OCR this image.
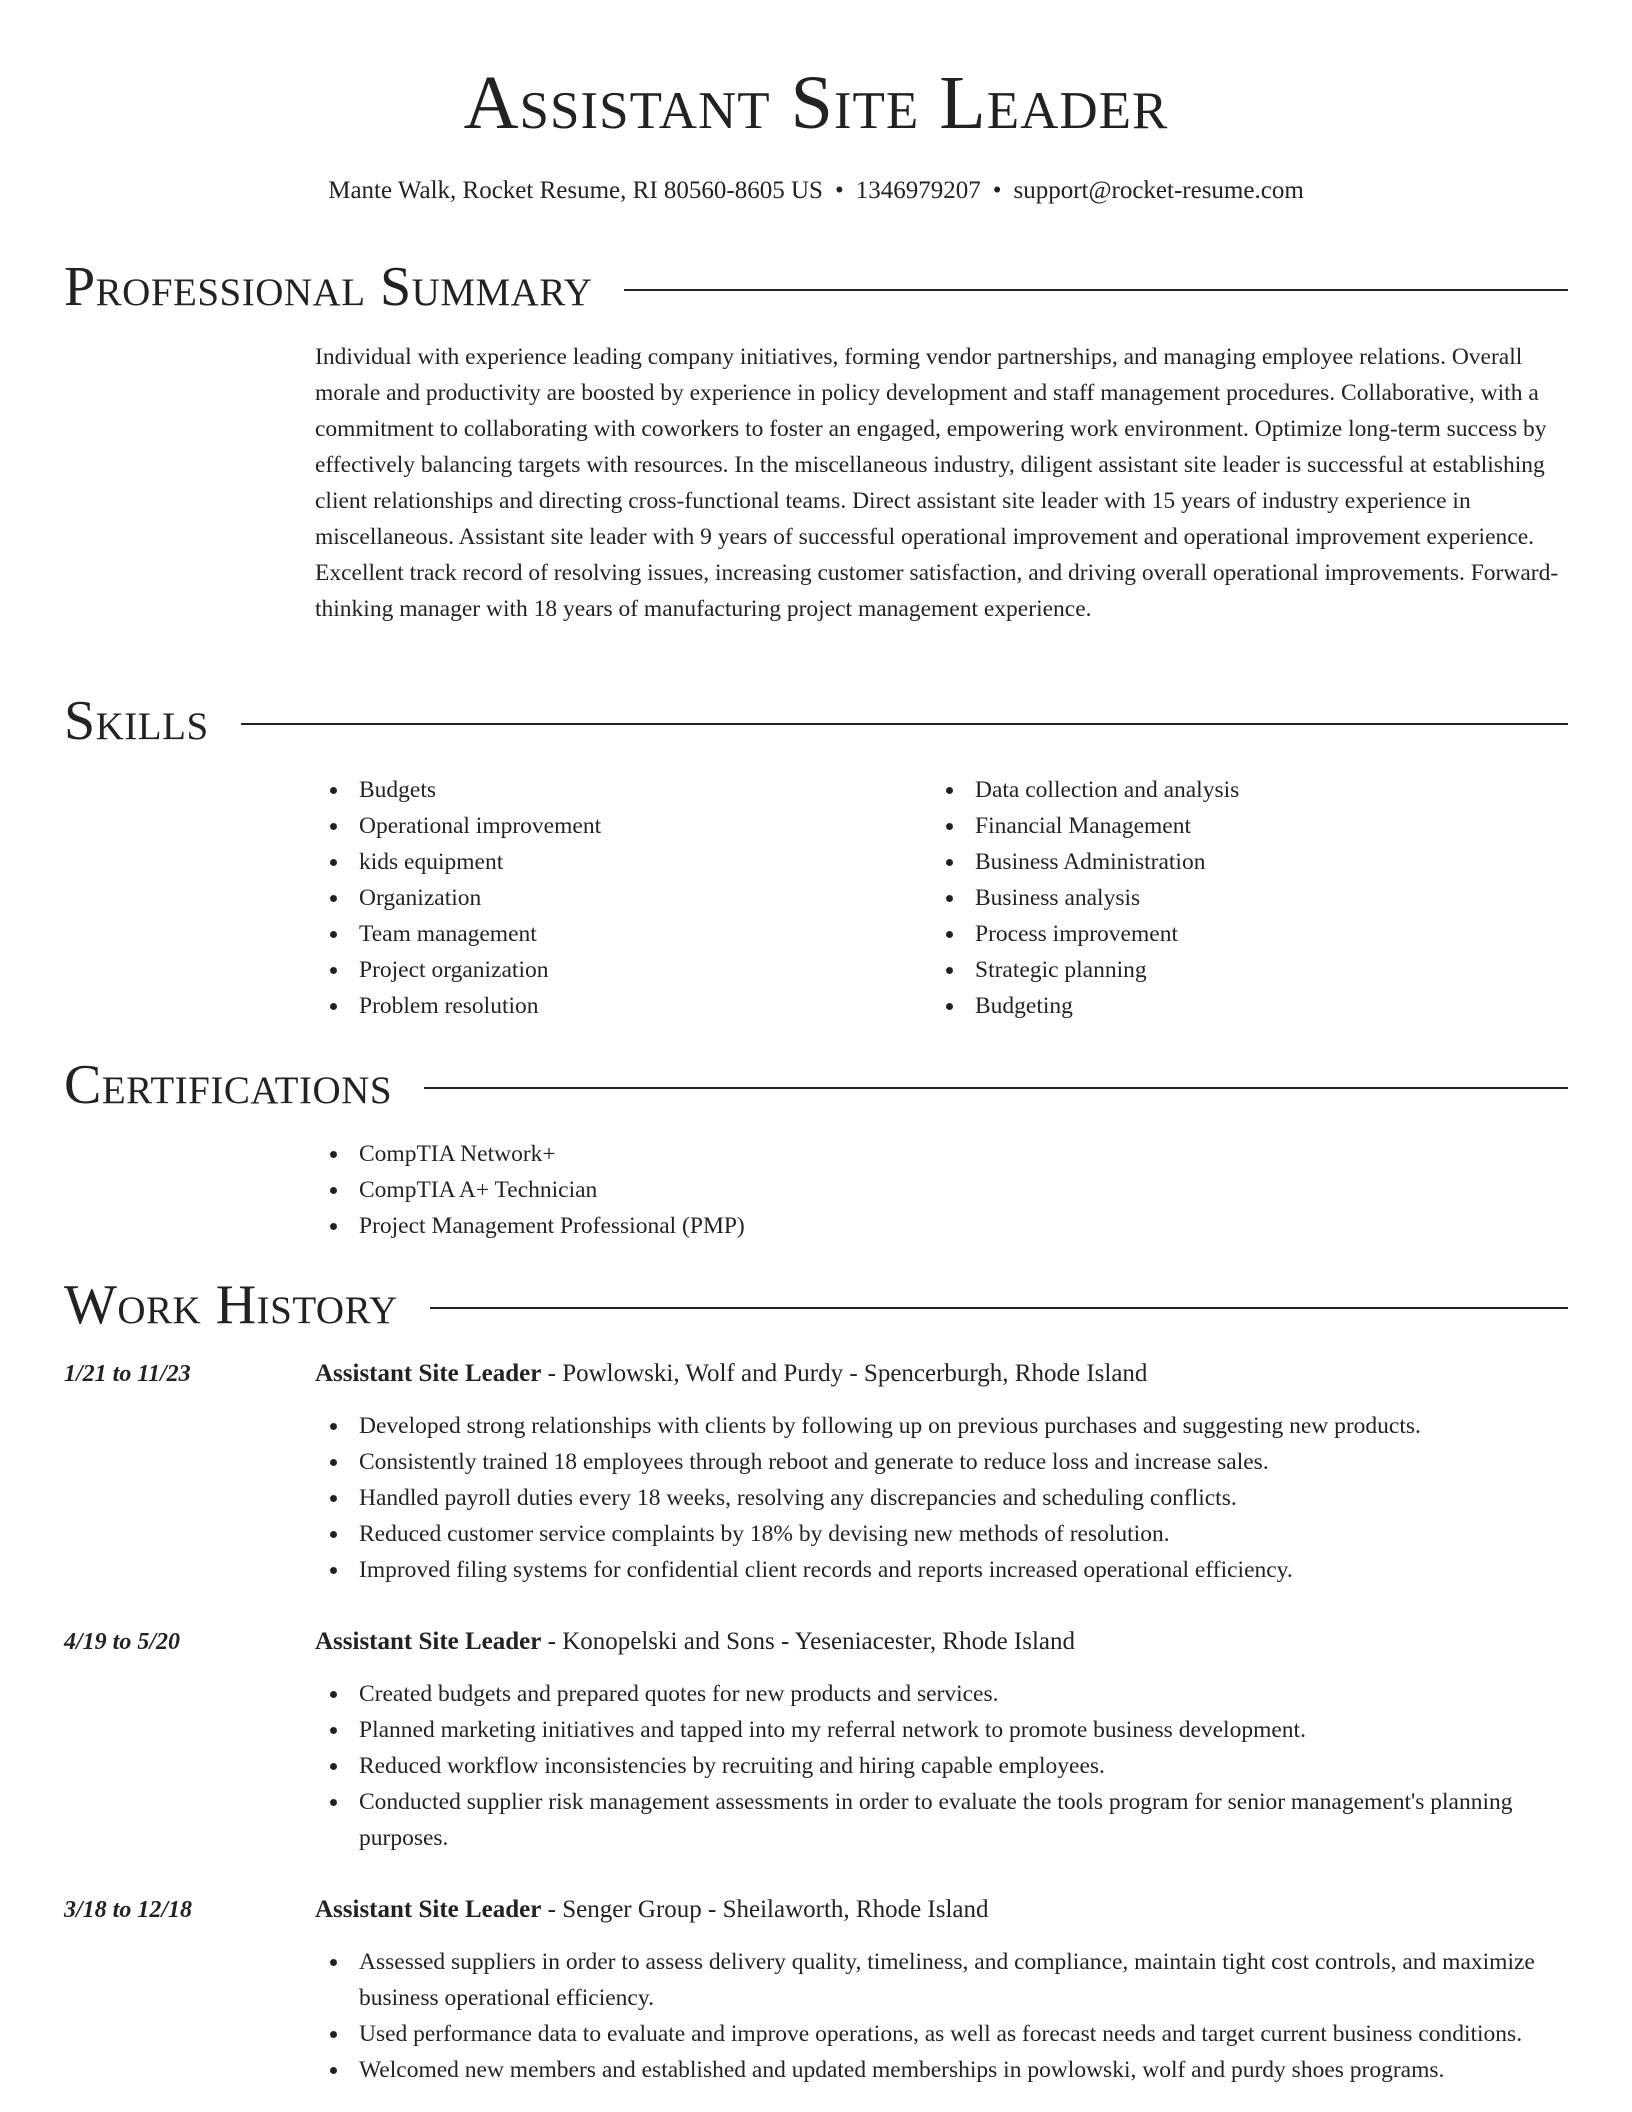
Assistant Site Leader
Mante Walk, Rocket Resume, RI 80560-8605 US • 1346979207 • support@rocket-resume.com
Professional Summary

Individual with experience leading company initiatives, forming vendor partnerships, and managing employee relations. Overall morale and productivity are boosted by experience in policy development and staff management procedures. Collaborative, with a commitment to collaborating with coworkers to foster an engaged, empowering work environment. Optimize long-term success by effectively balancing targets with resources. In the miscellaneous industry, diligent assistant site leader is successful at establishing client relationships and directing cross-functional teams. Direct assistant site leader with 15 years of industry experience in miscellaneous. Assistant site leader with 9 years of successful operational improvement and operational improvement experience. Excellent track record of resolving issues, increasing customer satisfaction, and driving overall operational improvements. Forward-thinking manager with 18 years of manufacturing project management experience.

Skills
Budgets
Operational improvement
kids equipment
Organization
Team management
Project organization
Problem resolution
Data collection and analysis
Financial Management
Business Administration
Business analysis
Process improvement
Strategic planning
Budgeting
Certifications
CompTIA Network+
CompTIA A+ Technician
Project Management Professional (PMP)
Work History
1/21 to 11/23	Assistant Site Leader - Powlowski, Wolf and Purdy - Spencerburgh, Rhode Island
Developed strong relationships with clients by following up on previous purchases and suggesting new products.
Consistently trained 18 employees through reboot and generate to reduce loss and increase sales.
Handled payroll duties every 18 weeks, resolving any discrepancies and scheduling conflicts.
Reduced customer service complaints by 18% by devising new methods of resolution.
Improved filing systems for confidential client records and reports increased operational efficiency.
4/19 to 5/20	Assistant Site Leader - Konopelski and Sons - Yeseniacester, Rhode Island
Created budgets and prepared quotes for new products and services.
Planned marketing initiatives and tapped into my referral network to promote business development.
Reduced workflow inconsistencies by recruiting and hiring capable employees.
Conducted supplier risk management assessments in order to evaluate the tools program for senior management's planning purposes.
3/18 to 12/18	Assistant Site Leader - Senger Group - Sheilaworth, Rhode Island
Assessed suppliers in order to assess delivery quality, timeliness, and compliance, maintain tight cost controls, and maximize business operational efficiency.
Used performance data to evaluate and improve operations, as well as forecast needs and target current business conditions.
Welcomed new members and established and updated memberships in powlowski, wolf and purdy shoes programs.
